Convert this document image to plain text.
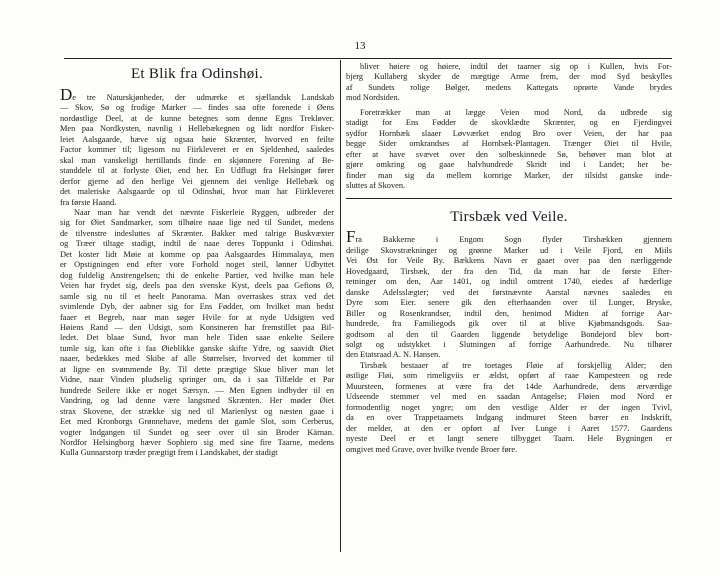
13
Et Blik fra Odinshøi.
De tre Naturskjønheder, der udmærke et sjællandsk Landskab
— Skov, Sø og frodige Marker — findes saa ofte forenede i Øens
nordøstlige Deel, at de kunne betegnes som denne Egns Trekløver.
Men paa Nordkysten, navnlig i Hellebækegnen og lidt nordfor Fisker-
leiet Aalsgaarde, hæve sig ogsaa høie Skrænter, hvorved en feilte
Factor kommer til; ligesom nu Fiirkleveret er en Sjeldenhed, saaledes
skal man vanskeligt hertillands finde en skjønnere Forening af Be-
standdele til at forlyste Øiet, end her. En Udflugt fra Helsingør fører
derfor gjerne ad den herlige Vei gjennem det venlige Hellebæk og
det maleriske Aalsgaarde op til Odinshøi, hvor man har Fiirkleveret
fra første Haand.
Naar man har vendt det nævnte Fiskerleie Ryggen, udbreder der
sig for Øiet Sandmarker, som tilhøire naae lige ned til Sundet, medens
de tilvenstre indesluttes af Skrænter. Bakker med talrige Buskvæxter
og Træer tiltage stadigt, indtil de naae deres Toppunkt i Odinshøi.
Det koster lidt Møie at komme op paa Aalsgaardes Himmalaya, men
er Opstigningen end efter vore Forhold noget steil, lønner Udbyttet
dog fuldelig Anstrengelsen; thi de enkelte Partier, ved hvilke man hele
Veien har frydet sig, deels paa den svenske Kyst, deels paa Gefions Ø,
samle sig nu til et heelt Panorama. Man overraskes strax ved det
svimlende Dyb, der aabner sig for Ens Fødder, om hvilket man bedst
faaer et Begreb, naar man søger Hvile for at nyde Udsigten ved
Høiens Rand — den Udsigt, som Konstneren har fremstillet paa Bil-
ledet. Det blaae Sund, hvor man hele Tiden saae enkelte Seilere
tumle sig, kan ofte i faa Øieblikke ganske skifte Ydre, og saavidt Øiet
naaer, bedækkes med Skibe af alle Størrelser, hvorved det kommer til
at ligne en svømmende By. Til dette prægtige Skue bliver man let
Vidne, naar Vinden pludselig springer om, da i saa Tilfælde et Par
hundrede Seilere ikke er noget Særsyn. — Men Egnen indbyder til en
Vandring, og lad denne være langsmed Skrænten. Her møder Øiet
strax Skovene, der strække sig ned til Marienlyst og næsten gaae i
Eet med Kronborgs Grønnehave, medens det gamle Slot, som Cerberus,
vogter Indgangen til Sundet og seer over til sin Broder Kärnan.
Nordfor Helsingborg hæver Sophiero sig med sine fire Taarne, medens
Kulla Gunnarstorp træder prægtigt frem i Landskabet, der stadigt
bliver høiere og høiere, indtil det taarner sig op i Kullen, hvis For-
bjerg Kullaberg skyder de mægtige Arme frem, der mod Syd beskylles
af Sundets rolige Bølger, medens Kattegats oprørte Vande brydes
mod Nordsiden.
Foretrækker man at lægge Veien mod Nord, da udbrede sig
stadigt for Ens Fødder de skovklædte Skrænter, og en Fjerdingvei
sydfor Hornbæk slaaer Løvværket endog Bro over Veien, der har paa
begge Sider omkrandses af Hornbæk-Plantagen. Trænger Øiet til Hvile,
efter at have svævet over den solbeskinnede Sø, behøver man blot at
gjøre omkring og gaae halvhundrede Skridt ind i Landet; her be-
finder man sig da mellem kornrige Marker, der tilsidst ganske inde-
sluttes af Skoven.
Tirsbæk ved Veile.
Fra Bakkerne i Engom Sogn flyder Tirsbækken gjennem
deilige Skovstrækninger og grønne Marker ud i Veile Fjord, en Miils
Vei Øst for Veile By. Bækkens Navn er gaaet over paa den nærliggende
Hovedgaard, Tirsbæk, der fra den Tid, da man har de første Efter-
retninger om den, Aar 1401, og indtil omtrent 1740, eiedes af hæderlige
danske Adelsslægter; ved det førstnævnte Aarstal nævnes saaledes en
Dyre som Eier. senere gik den efterhaanden over til Lunger, Bryske,
Biller og Rosenkrandser, indtil den, henimod Midten af forrige Aar-
hundrede, fra Familiegods gik over til at blive Kjøbmandsgods. Saa-
godtsom al den til Gaarden liggende betydelige Bondejord blev bort-
solgt og udstykket i Slutningen af forrige Aarhundrede. Nu tilhører
den Etatsraad A. N. Hansen.
Tirsbæk bestaaer af tre toetages Fløie af forskjellig Alder; den
østlige Fløi, som rimeligviis er ældst, opført af raae Kampesteen og rede
Muursteen, formenes at være fra det 14de Aarhundrede, dens ærværdige
Udseende stemmer vel med en saadan Antagelse; Fløien mod Nord er
formodentlig noget yngre; om den vestlige Alder er der ingen Tvivl,
da en over Trappetaarnets Indgang indmuret Steen bærer en Indskrift,
der melder, at den er opført af Iver Lunge i Aaret 1577. Gaardens
nyeste Deel er et langt senere tilbygget Taarn. Hele Bygningen er
omgivet med Grave, over hvilke tvende Broer føre.
